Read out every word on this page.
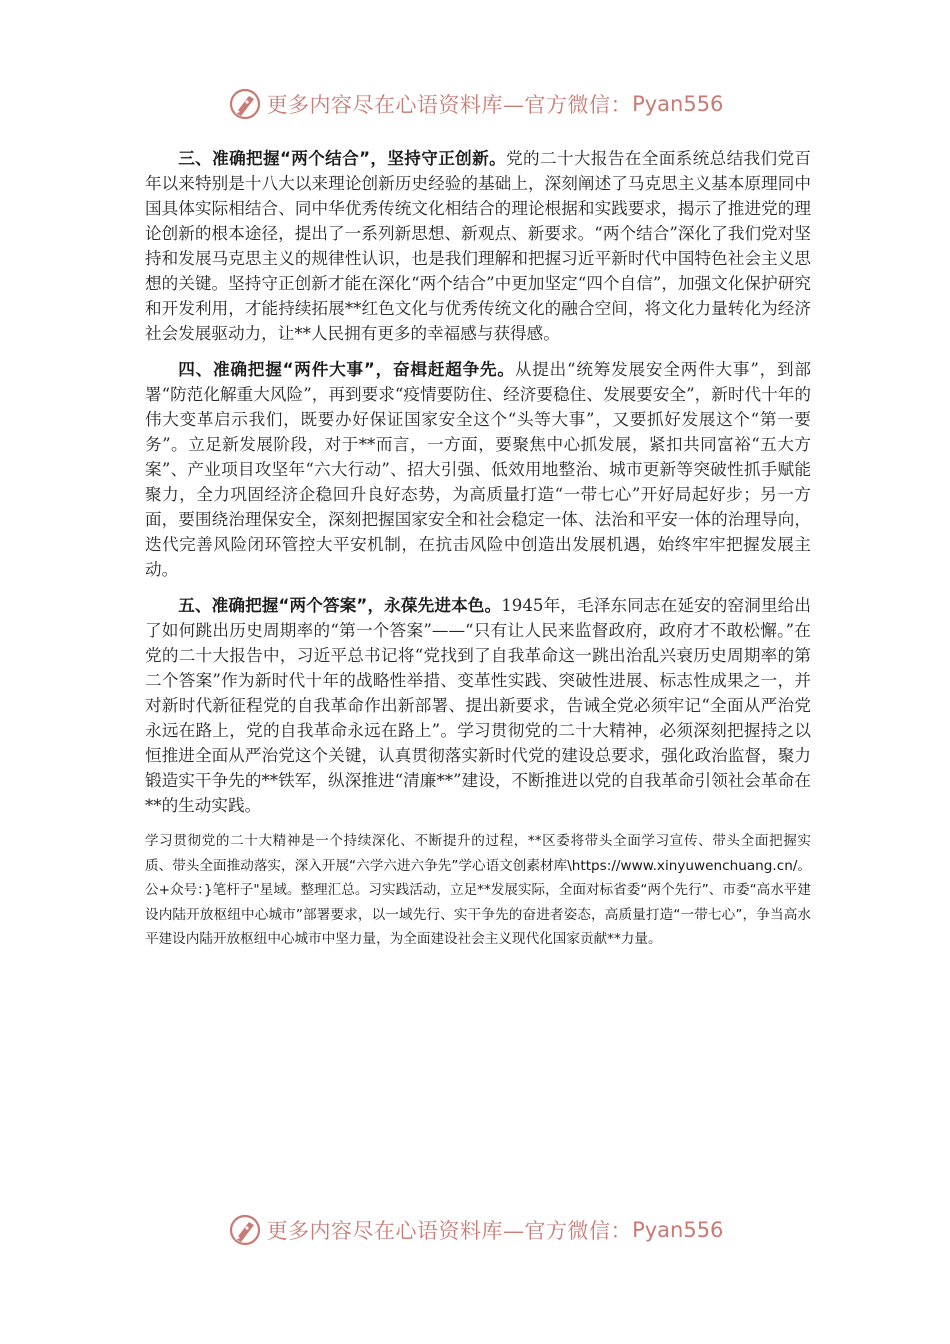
更多内容尽在心语资料库—官方微信： Pyan556

三、准确把握“两个结合”，坚持守正创新。党的二十大报告在全面系统总结我们党百年以来特别是十八大以来理论创新历史经验的基础上，深刻阐述了马克思主义基本原理同中国具体实际相结合、同中华优秀传统文化相结合的理论根据和实践要求，揭示了推进党的理论创新的根本途径，提出了一系列新思想、新观点、新要求。“两个结合”深化了我们党对坚持和发展马克思主义的规律性认识，也是我们理解和把握习近平新时代中国特色社会主义思想的关键。坚持守正创新才能在深化“两个结合”中更加坚定“四个自信”，加强文化保护研究和开发利用，才能持续拓展**红色文化与优秀传统文化的融合空间，将文化力量转化为经济社会发展驱动力，让**人民拥有更多的幸福感与获得感。

四、准确把握“两件大事”，奋楫赶超争先。从提出“统筹发展安全两件大事”，到部署“防范化解重大风险”，再到要求“疫情要防住、经济要稳住、发展要安全”，新时代十年的伟大变革启示我们，既要办好保证国家安全这个“头等大事”，又要抓好发展这个“第一要务”。立足新发展阶段，对于**而言，一方面，要聚焦中心抓发展，紧扣共同富裕“五大方案”、产业项目攻坚年“六大行动”、招大引强、低效用地整治、城市更新等突破性抓手赋能聚力，全力巩固经济企稳回升良好态势，为高质量打造“一带七心”开好局起好步；另一方面，要围绕治理保安全，深刻把握国家安全和社会稳定一体、法治和平安一体的治理导向，迭代完善风险闭环管控大平安机制，在抗击风险中创造出发展机遇，始终牢牢把握发展主动。

五、准确把握“两个答案”，永葆先进本色。1945年，毛泽东同志在延安的窑洞里给出了如何跳出历史周期率的“第一个答案”——“只有让人民来监督政府，政府才不敢松懈。”在党的二十大报告中，习近平总书记将“党找到了自我革命这一跳出治乱兴衰历史周期率的第二个答案”作为新时代十年的战略性举措、变革性实践、突破性进展、标志性成果之一，并对新时代新征程党的自我革命作出新部署、提出新要求，告诫全党必须牢记“全面从严治党永远在路上，党的自我革命永远在路上”。学习贯彻党的二十大精神，必须深刻把握持之以恒推进全面从严治党这个关键，认真贯彻落实新时代党的建设总要求，强化政治监督，聚力锻造实干争先的**铁军，纵深推进“清廉**”建设，不断推进以党的自我革命引领社会革命在**的生动实践。

学习贯彻党的二十大精神是一个持续深化、不断提升的过程，**区委将带头全面学习宣传、带头全面把握实质、带头全面推动落实，深入开展“六学六进六争先”学心语文创素材库\https://www.xinyuwenchuang.cn/。公+众号：}笔杆子"星域。整理汇总。习实践活动，立足**发展实际，全面对标省委“两个先行”、市委“高水平建设内陆开放枢纽中心城市”部署要求，以一域先行、实干争先的奋进者姿态，高质量打造“一带七心”，争当高水平建设内陆开放枢纽中心城市中坚力量，为全面建设社会主义现代化国家贡献**力量。

更多内容尽在心语资料库—官方微信： Pyan556
